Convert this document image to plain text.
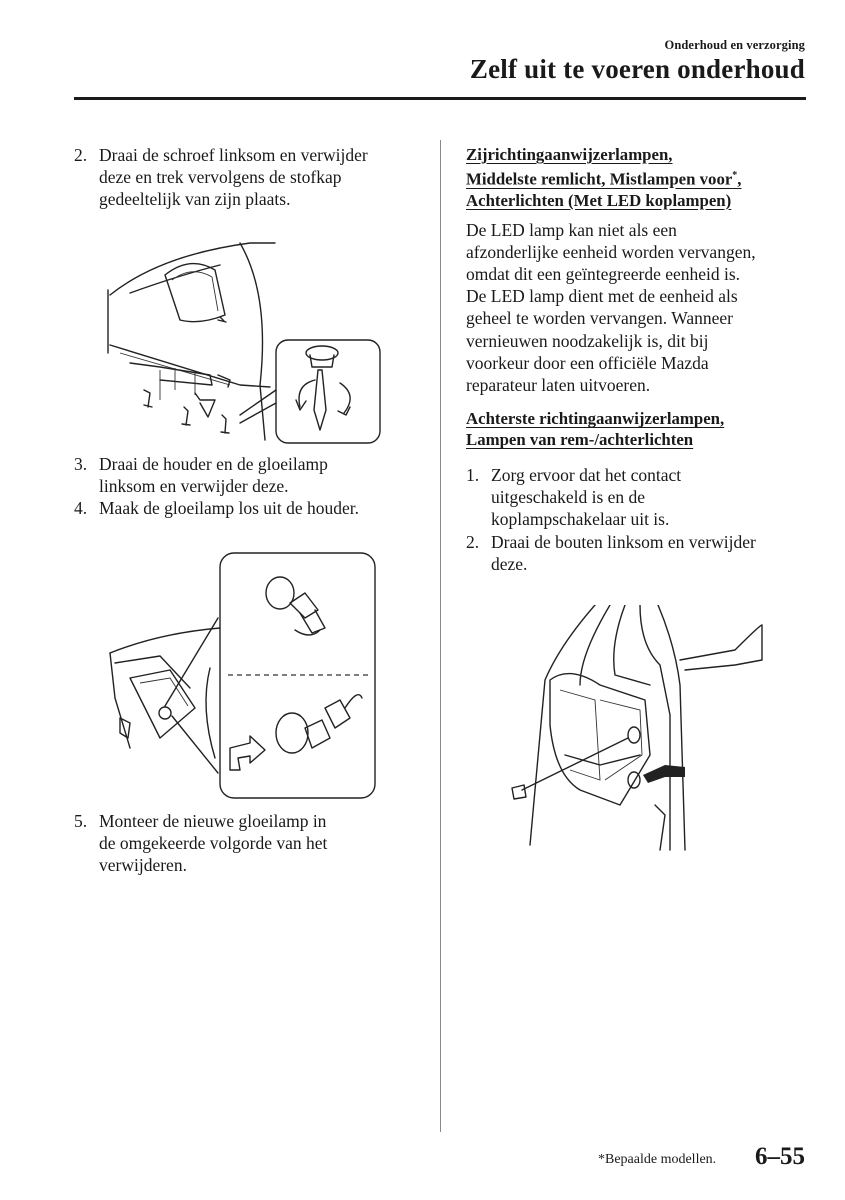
Onderhoud en verzorging
Zelf uit te voeren onderhoud
2. Draai de schroef linksom en verwijder
deze en trek vervolgens de stofkap
gedeeltelijk van zijn plaats.
3. Draai de houder en de gloeilamp
linksom en verwijder deze.
4. Maak de gloeilamp los uit de houder.
5. Monteer de nieuwe gloeilamp in
de omgekeerde volgorde van het
verwijderen.
Zijrichtingaanwijzerlampen,
Middelste remlicht, Mistlampen voor*,
Achterlichten (Met LED koplampen)
De LED lamp kan niet als een
afzonderlijke eenheid worden vervangen,
omdat dit een geïntegreerde eenheid is.
De LED lamp dient met de eenheid als
geheel te worden vervangen. Wanneer
vernieuwen noodzakelijk is, dit bij
voorkeur door een officiële Mazda
reparateur laten uitvoeren.
Achterste richtingaanwijzerlampen,
Lampen van rem-/achterlichten
1. Zorg ervoor dat het contact
uitgeschakeld is en de
koplampschakelaar uit is.
2. Draai de bouten linksom en verwijder
deze.
*Bepaalde modellen. 6–55
